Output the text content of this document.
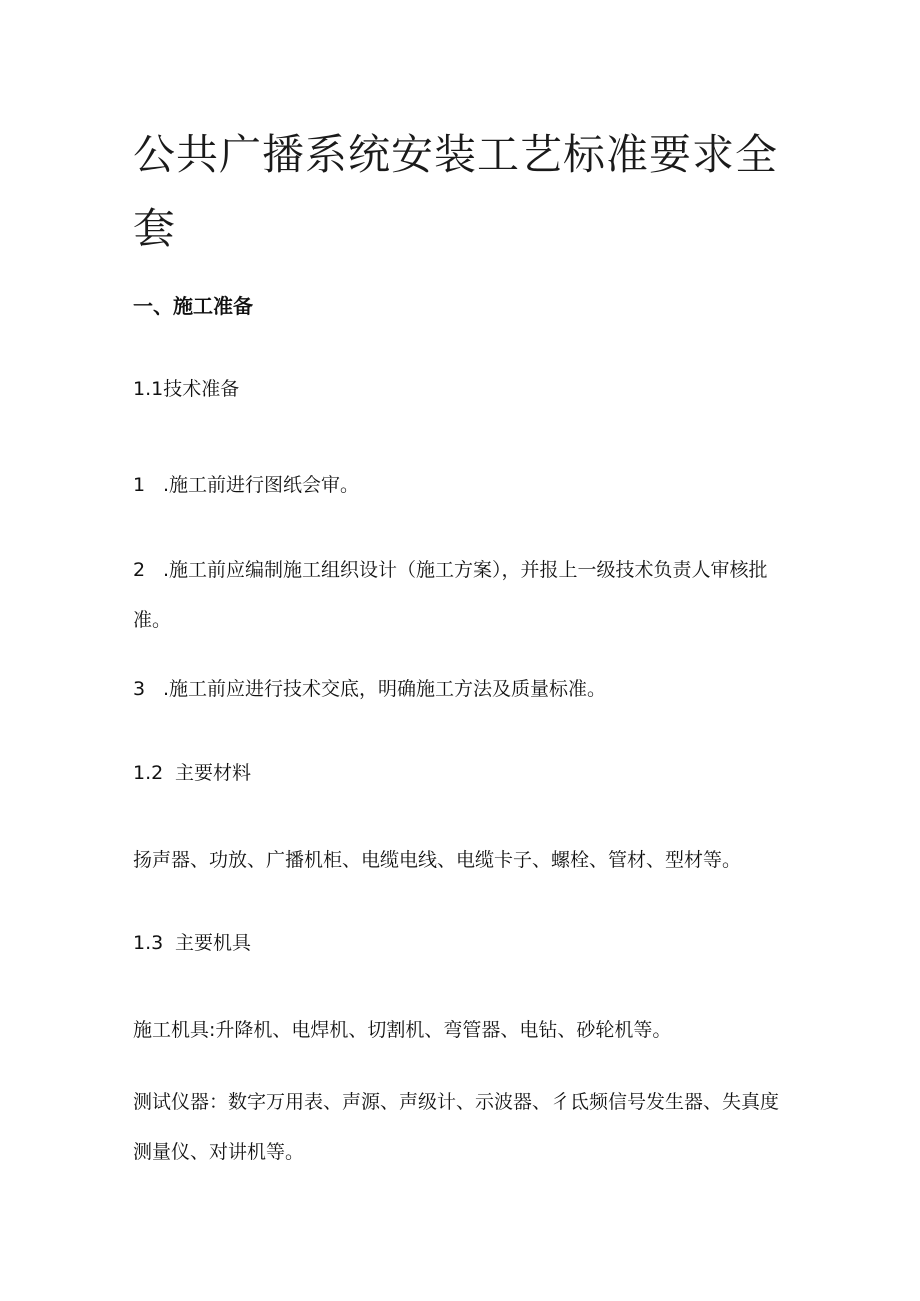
公共广播系统安装工艺标准要求全套
一、施工准备

1.1技术准备

1 .施工前进行图纸会审。

2 .施工前应编制施工组织设计（施工方案），并报上一级技术负责人审核批准。

3 .施工前应进行技术交底，明确施工方法及质量标准。

1.2 主要材料

扬声器、功放、广播机柜、电缆电线、电缆卡子、螺栓、管材、型材等。

1.3 主要机具

施工机具:升降机、电焊机、切割机、弯管器、电钻、砂轮机等。

测试仪器：数字万用表、声源、声级计、示波器、彳氐频信号发生器、失真度测量仪、对讲机等。
